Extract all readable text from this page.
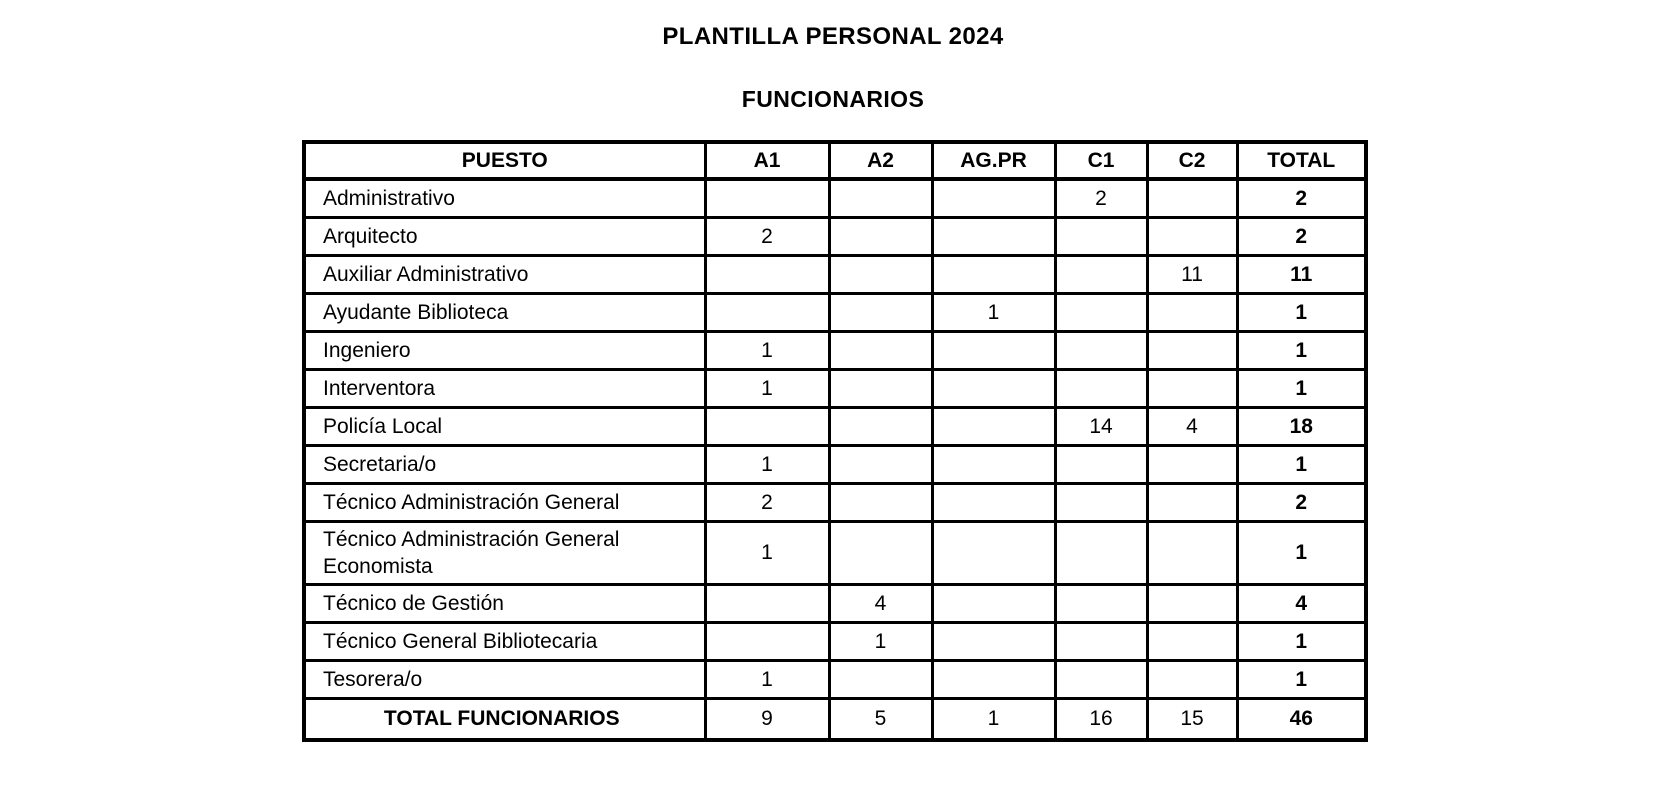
PLANTILLA PERSONAL 2024
FUNCIONARIOS
PUESTO	A1	A2	AG.PR	C1	C2	TOTAL
Administrativo				2		2
Arquitecto	2					2
Auxiliar Administrativo					11	11
Ayudante Biblioteca			1			1
Ingeniero	1					1
Interventora	1					1
Policía Local				14	4	18
Secretaria/o	1					1
Técnico Administración General	2					2
Técnico Administración General Economista	1					1
Técnico de Gestión		4				4
Técnico General Bibliotecaria		1				1
Tesorera/o	1					1
TOTAL FUNCIONARIOS	9	5	1	16	15	46
